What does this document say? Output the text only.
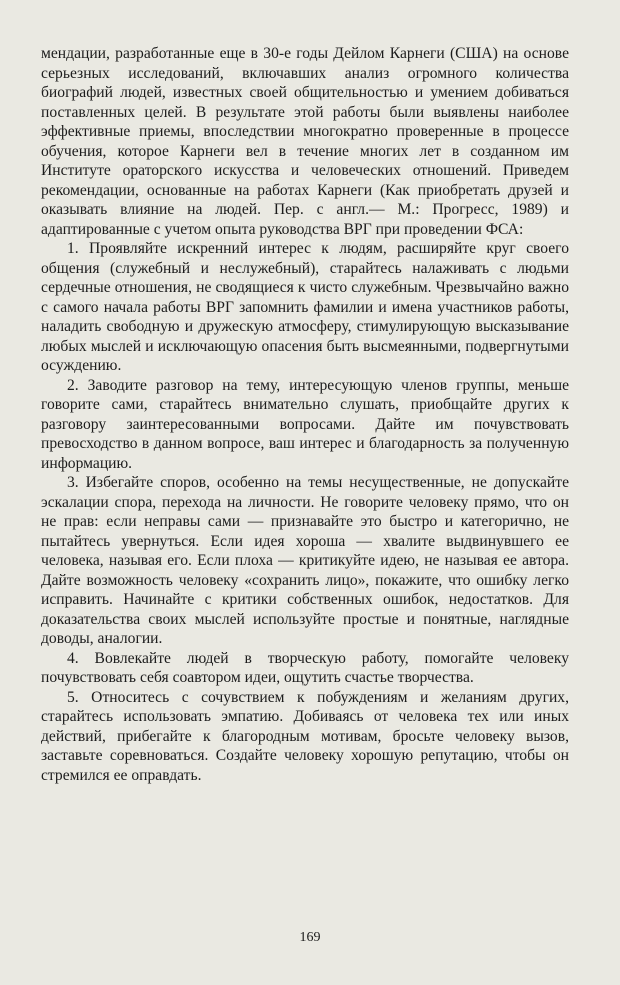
мендации, разработанные еще в 30-е годы Дейлом Карнеги (США) на основе серьезных исследований, включавших анализ огромного количества биографий людей, известных своей общительностью и умением добиваться поставленных целей. В результате этой работы были выявлены наиболее эффективные приемы, впоследствии многократно проверенные в процессе обучения, которое Карнеги вел в течение многих лет в созданном им Институте ораторского искусства и человеческих отношений. Приведем рекомендации, основанные на работах Карнеги (Как приобретать друзей и оказывать влияние на людей. Пер. с англ.— М.: Прогресс, 1989) и адаптированные с учетом опыта руководства ВРГ при проведении ФСА:

1. Проявляйте искренний интерес к людям, расширяйте круг своего общения (служебный и неслужебный), старайтесь налаживать с людьми сердечные отношения, не сводящиеся к чисто служебным. Чрезвычайно важно с самого начала работы ВРГ запомнить фамилии и имена участников работы, наладить свободную и дружескую атмосферу, стимулирующую высказывание любых мыслей и исключающую опасения быть высмеянными, подвергнутыми осуждению.

2. Заводите разговор на тему, интересующую членов группы, меньше говорите сами, старайтесь внимательно слушать, приобщайте других к разговору заинтересованными вопросами. Дайте им почувствовать превосходство в данном вопросе, ваш интерес и благодарность за полученную информацию.

3. Избегайте споров, особенно на темы несущественные, не допускайте эскалации спора, перехода на личности. Не говорите человеку прямо, что он не прав: если неправы сами — признавайте это быстро и категорично, не пытайтесь увернуться. Если идея хороша — хвалите выдвинувшего ее человека, называя его. Если плоха — критикуйте идею, не называя ее автора. Дайте возможность человеку «сохранить лицо», покажите, что ошибку легко исправить. Начинайте с критики собственных ошибок, недостатков. Для доказательства своих мыслей используйте простые и понятные, наглядные доводы, аналогии.

4. Вовлекайте людей в творческую работу, помогайте человеку почувствовать себя соавтором идеи, ощутить счастье творчества.

5. Относитесь с сочувствием к побуждениям и желаниям других, старайтесь использовать эмпатию. Добиваясь от человека тех или иных действий, прибегайте к благородным мотивам, бросьте человеку вызов, заставьте соревноваться. Создайте человеку хорошую репутацию, чтобы он стремился ее оправдать.

169
